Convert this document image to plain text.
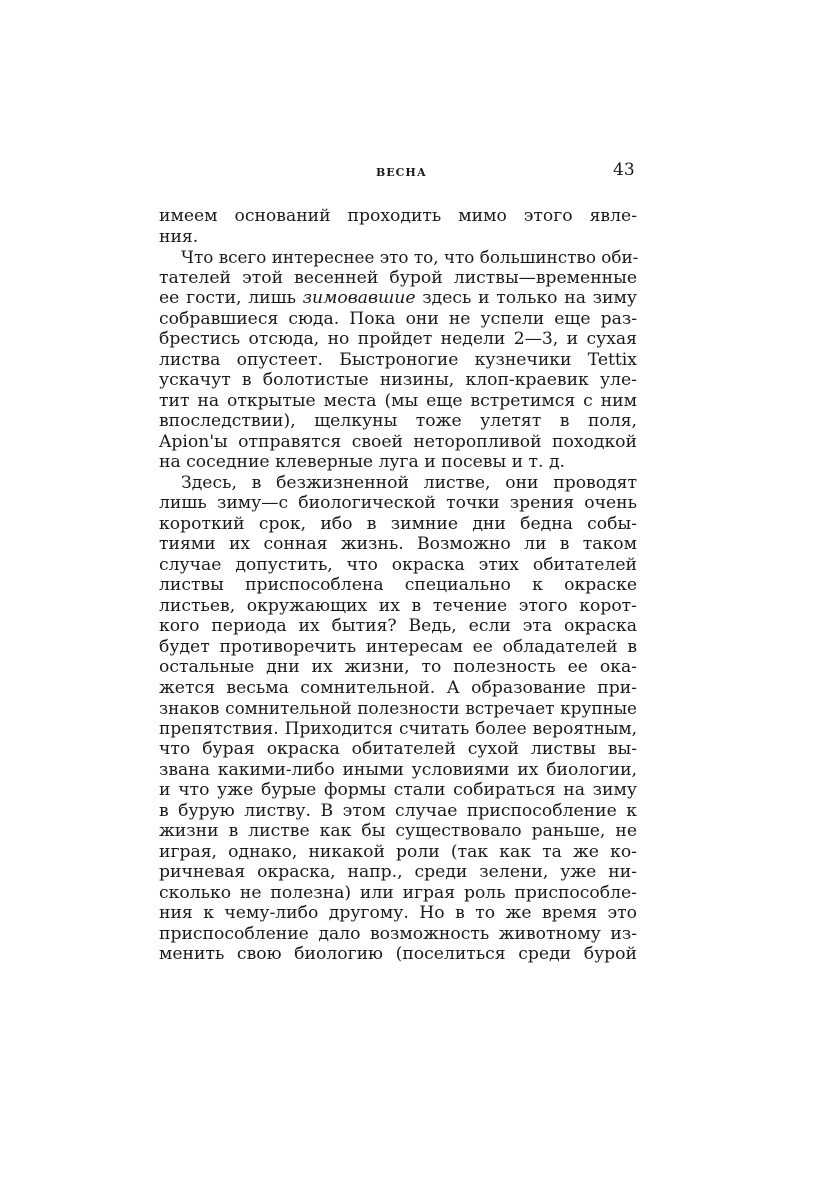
ВЕСНА	43
имеем оснований проходить мимо этого явле-
ния.
Что всего интереснее это то, что большинство оби-
тателей этой весенней бурой листвы—временные
ее гости, лишь зимовавшие здесь и только на зиму
собравшиеся сюда. Пока они не успели еще раз-
брестись отсюда, но пройдет недели 2—3, и сухая
листва опустеет. Быстроногие кузнечики Tettix
ускачут в болотистые низины, клоп-краевик уле-
тит на открытые места (мы еще встретимся с ним
впоследствии), щелкуны тоже улетят в поля,
Apion'ы отправятся своей неторопливой походкой
на соседние клеверные луга и посевы и т. д.
Здесь, в безжизненной листве, они проводят
лишь зиму—с биологической точки зрения очень
короткий срок, ибо в зимние дни бедна собы-
тиями их сонная жизнь. Возможно ли в таком
случае допустить, что окраска этих обитателей
листвы приспособлена специально к окраске
листьев, окружающих их в течение этого корот-
кого периода их бытия? Ведь, если эта окраска
будет противоречить интересам ее обладателей в
остальные дни их жизни, то полезность ее ока-
жется весьма сомнительной. А образование при-
знаков сомнительной полезности встречает крупные
препятствия. Приходится считать более вероятным,
что бурая окраска обитателей сухой листвы вы-
звана какими-либо иными условиями их биологии,
и что уже бурые формы стали собираться на зиму
в бурую листву. В этом случае приспособление к
жизни в листве как бы существовало раньше, не
играя, однако, никакой роли (так как та же ко-
ричневая окраска, напр., среди зелени, уже ни-
сколько не полезна) или играя роль приспособле-
ния к чему-либо другому. Но в то же время это
приспособление дало возможность животному из-
менить свою биологию (поселиться среди бурой
